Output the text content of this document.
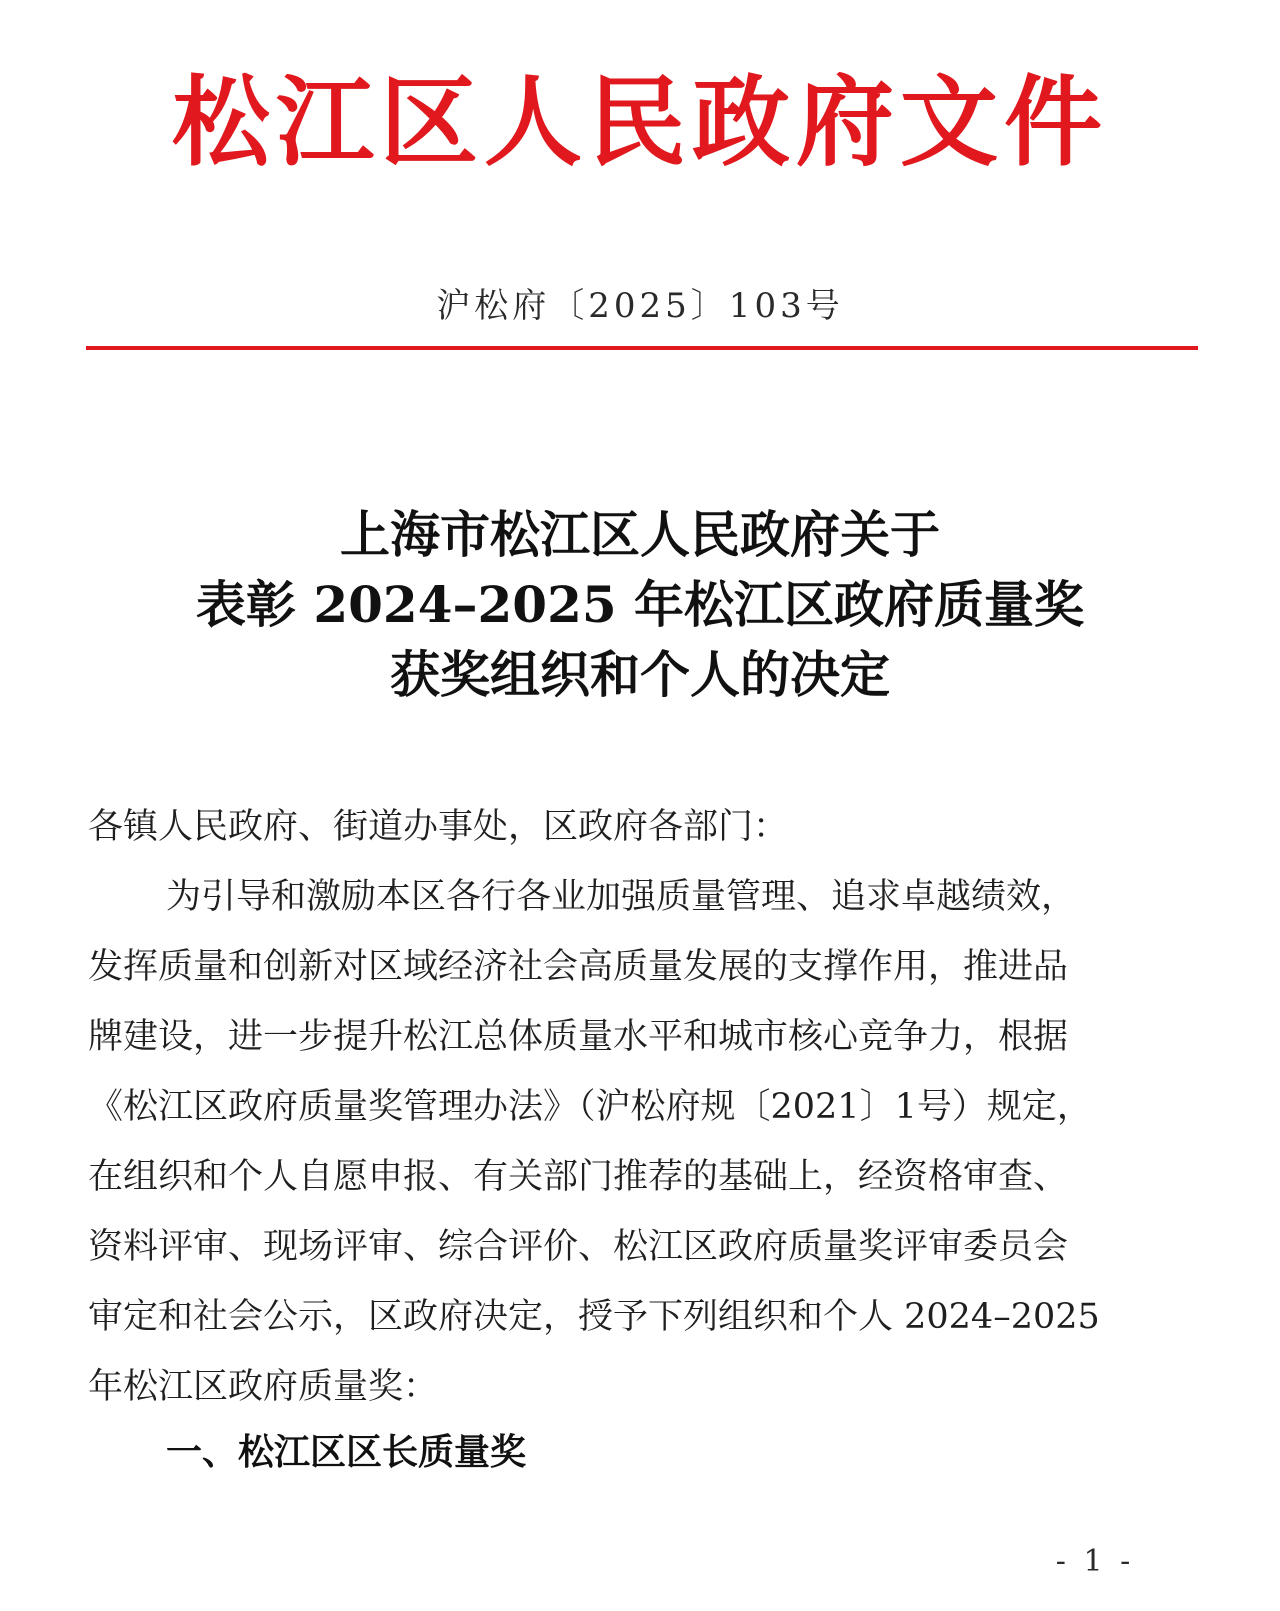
松江区人民政府文件
沪松府〔2025〕103号
上海市松江区人民政府关于
表彰 2024–2025 年松江区政府质量奖
获奖组织和个人的决定
各镇人民政府、街道办事处，区政府各部门：
为引导和激励本区各行各业加强质量管理、追求卓越绩效，
发挥质量和创新对区域经济社会高质量发展的支撑作用，推进品
牌建设，进一步提升松江总体质量水平和城市核心竞争力，根据
《松江区政府质量奖管理办法》（沪松府规〔2021〕1号）规定，
在组织和个人自愿申报、有关部门推荐的基础上，经资格审查、
资料评审、现场评审、综合评价、松江区政府质量奖评审委员会
审定和社会公示，区政府决定，授予下列组织和个人 2024–2025
年松江区政府质量奖：
一、松江区区长质量奖
- 1 -
